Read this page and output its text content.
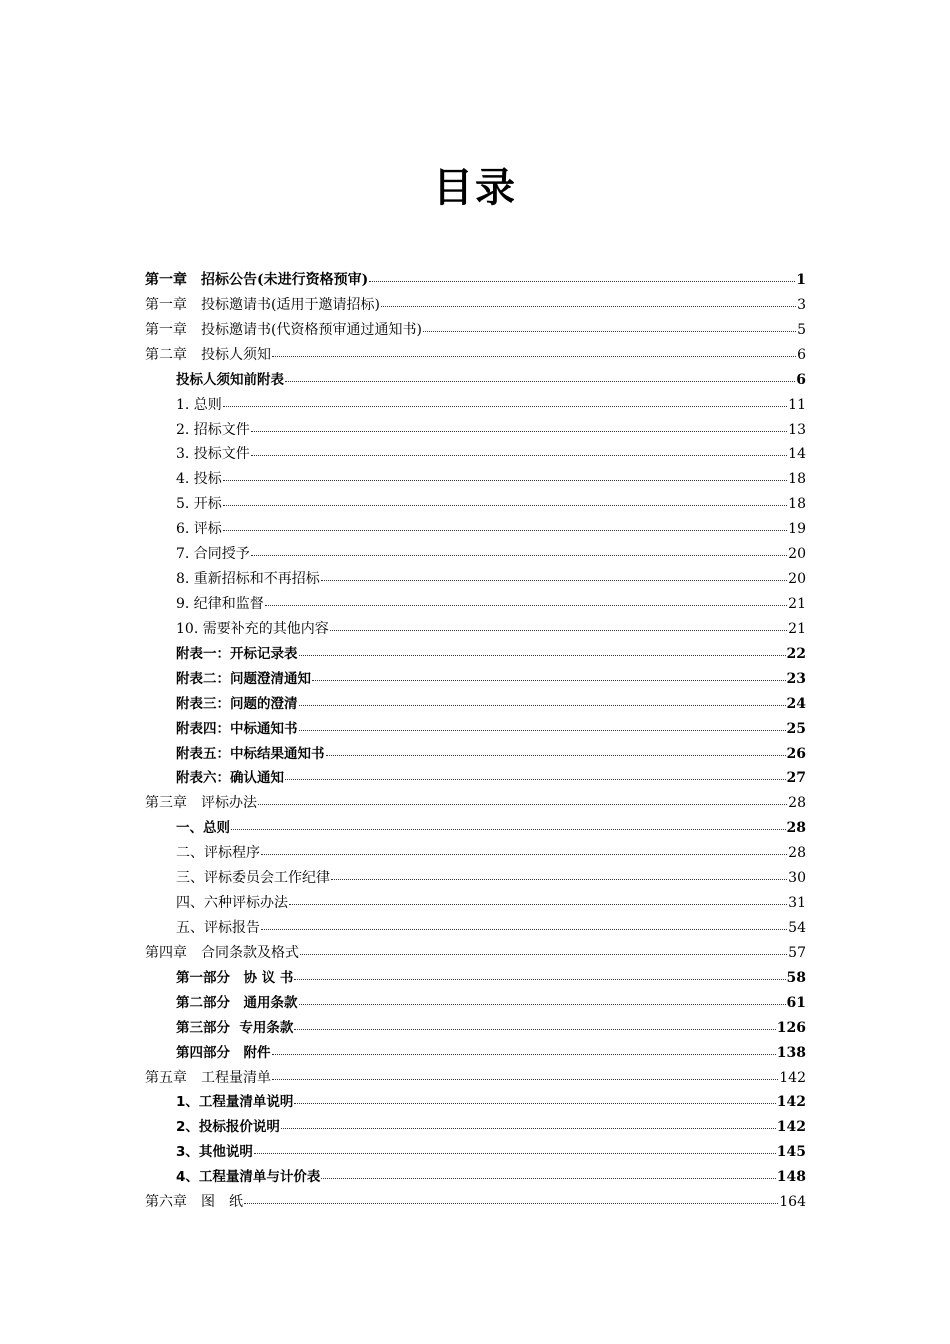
目录
第一章　招标公告(未进行资格预审)	1
第一章　投标邀请书(适用于邀请招标)	3
第一章　投标邀请书(代资格预审通过通知书)	5
第二章　投标人须知	6
投标人须知前附表	6
1. 总则	11
2. 招标文件	13
3. 投标文件	14
4. 投标	18
5. 开标	18
6. 评标	19
7. 合同授予	20
8. 重新招标和不再招标	20
9. 纪律和监督	21
10. 需要补充的其他内容	21
附表一：开标记录表	22
附表二：问题澄清通知	23
附表三：问题的澄清	24
附表四：中标通知书	25
附表五：中标结果通知书	26
附表六：确认通知	27
第三章　评标办法	28
一、总则	28
二、评标程序	28
三、评标委员会工作纪律	30
四、六种评标办法	31
五、评标报告	54
第四章　合同条款及格式	57
第一部分　协 议 书	58
第二部分　通用条款	61
第三部分  专用条款	126
第四部分　附件	138
第五章　工程量清单	142
1、工程量清单说明	142
2、投标报价说明	142
3、其他说明	145
4、工程量清单与计价表	148
第六章　图　纸	164
